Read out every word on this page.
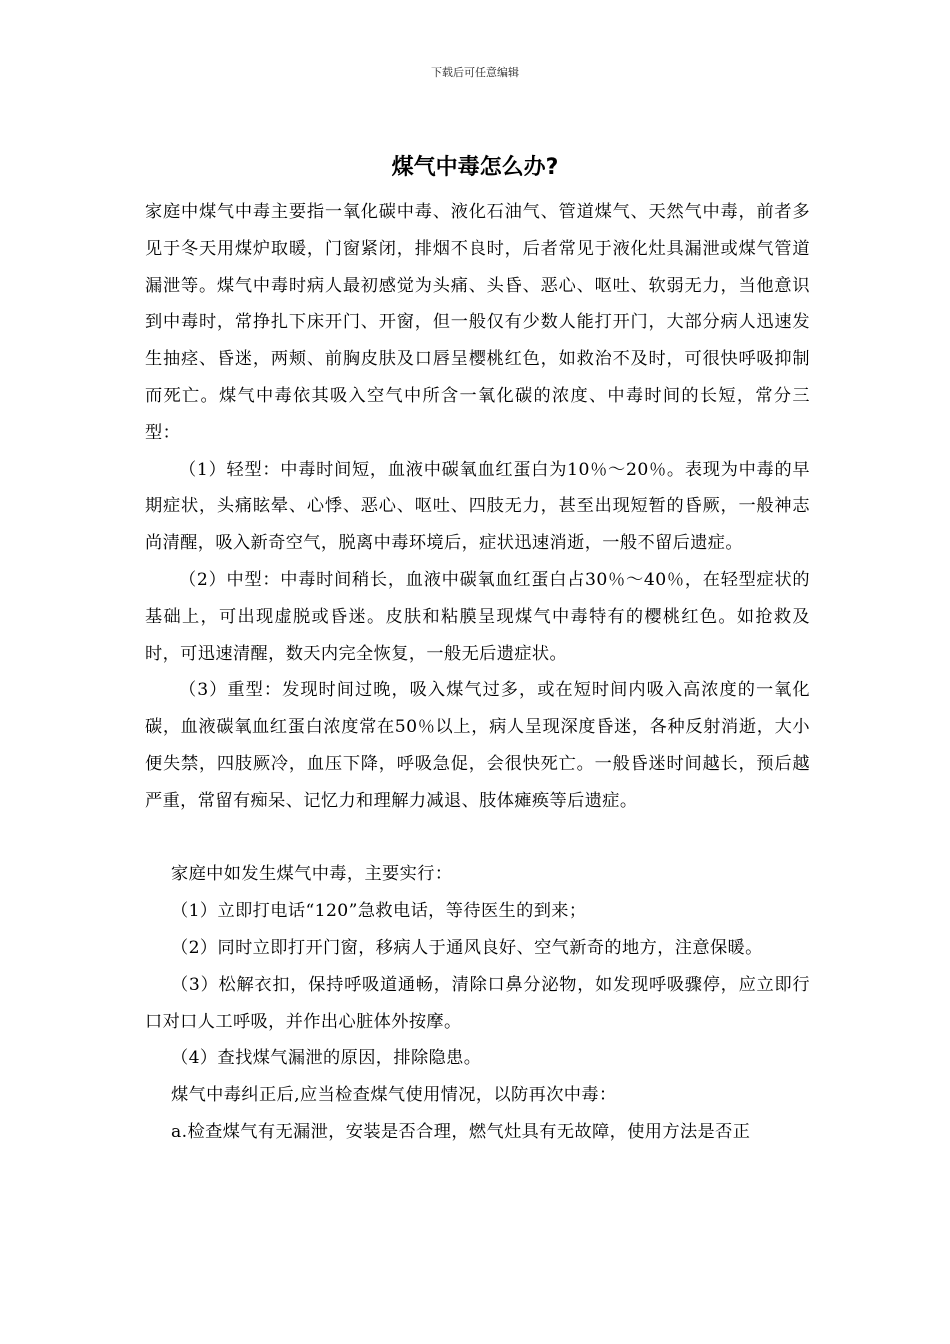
下载后可任意编辑
煤气中毒怎么办?

家庭中煤气中毒主要指一氧化碳中毒、液化石油气、管道煤气、天然气中毒，前者多见于冬天用煤炉取暖，门窗紧闭，排烟不良时，后者常见于液化灶具漏泄或煤气管道漏泄等。煤气中毒时病人最初感觉为头痛、头昏、恶心、呕吐、软弱无力，当他意识到中毒时，常挣扎下床开门、开窗，但一般仅有少数人能打开门，大部分病人迅速发生抽痉、昏迷，两颊、前胸皮肤及口唇呈樱桃红色，如救治不及时，可很快呼吸抑制而死亡。煤气中毒依其吸入空气中所含一氧化碳的浓度、中毒时间的长短，常分三型：

（1）轻型：中毒时间短，血液中碳氧血红蛋白为10％～20％。表现为中毒的早期症状，头痛眩晕、心悸、恶心、呕吐、四肢无力，甚至出现短暂的昏厥，一般神志尚清醒，吸入新奇空气，脱离中毒环境后，症状迅速消逝，一般不留后遗症。

（2）中型：中毒时间稍长，血液中碳氧血红蛋白占30％～40％，在轻型症状的基础上，可出现虚脱或昏迷。皮肤和粘膜呈现煤气中毒特有的樱桃红色。如抢救及时，可迅速清醒，数天内完全恢复，一般无后遗症状。

（3）重型：发现时间过晚，吸入煤气过多，或在短时间内吸入高浓度的一氧化碳，血液碳氧血红蛋白浓度常在50％以上，病人呈现深度昏迷，各种反射消逝，大小便失禁，四肢厥冷，血压下降，呼吸急促，会很快死亡。一般昏迷时间越长，预后越严重，常留有痴呆、记忆力和理解力减退、肢体瘫痪等后遗症。

家庭中如发生煤气中毒，主要实行：

（1）立即打电话“120”急救电话，等待医生的到来；

（2）同时立即打开门窗，移病人于通风良好、空气新奇的地方，注意保暖。

（3）松解衣扣，保持呼吸道通畅，清除口鼻分泌物，如发现呼吸骤停，应立即行口对口人工呼吸，并作出心脏体外按摩。

（4）查找煤气漏泄的原因，排除隐患。

煤气中毒纠正后,应当检查煤气使用情况，以防再次中毒：

a.检查煤气有无漏泄，安装是否合理，燃气灶具有无故障，使用方法是否正
